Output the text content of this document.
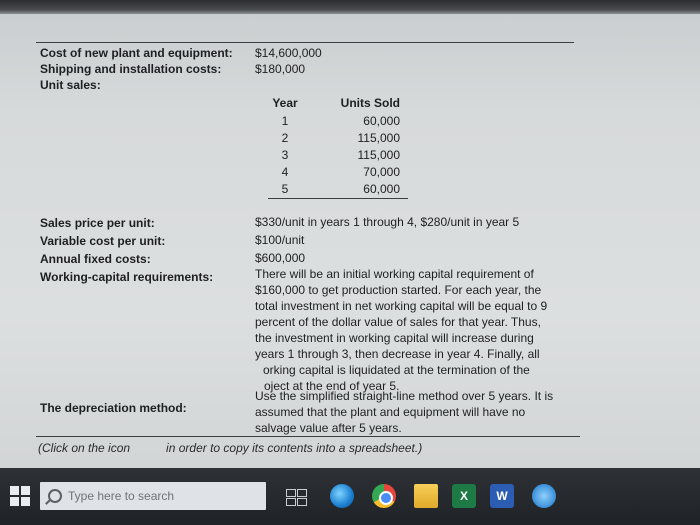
Cost of new plant and equipment: $14,600,000
Shipping and installation costs:	$180,000
Unit sales:
Year	Units Sold
1	60,000
2	115,000
3	115,000
4	70,000
5	60,000
Sales price per unit:	$330/unit in years 1 through 4, $280/unit in year 5
Variable cost per unit:	$100/unit
Annual fixed costs:	$600,000
Working-capital requirements:	There will be an initial working capital requirement of
$160,000 to get production started. For each year, the
total investment in net working capital will be equal to 9
percent of the dollar value of sales for that year. Thus,
the investment in working capital will increase during
years 1 through 3, then decrease in year 4. Finally, all
orking capital is liquidated at the termination of the
oject at the end of year 5.
The depreciation method:
Use the simplified straight-line method over 5 years. It is
assumed that the plant and equipment will have no
salvage value after 5 years.
(Click on the icon	in order to copy its contents into a spreadsheet.)
Type here to search	X	W
